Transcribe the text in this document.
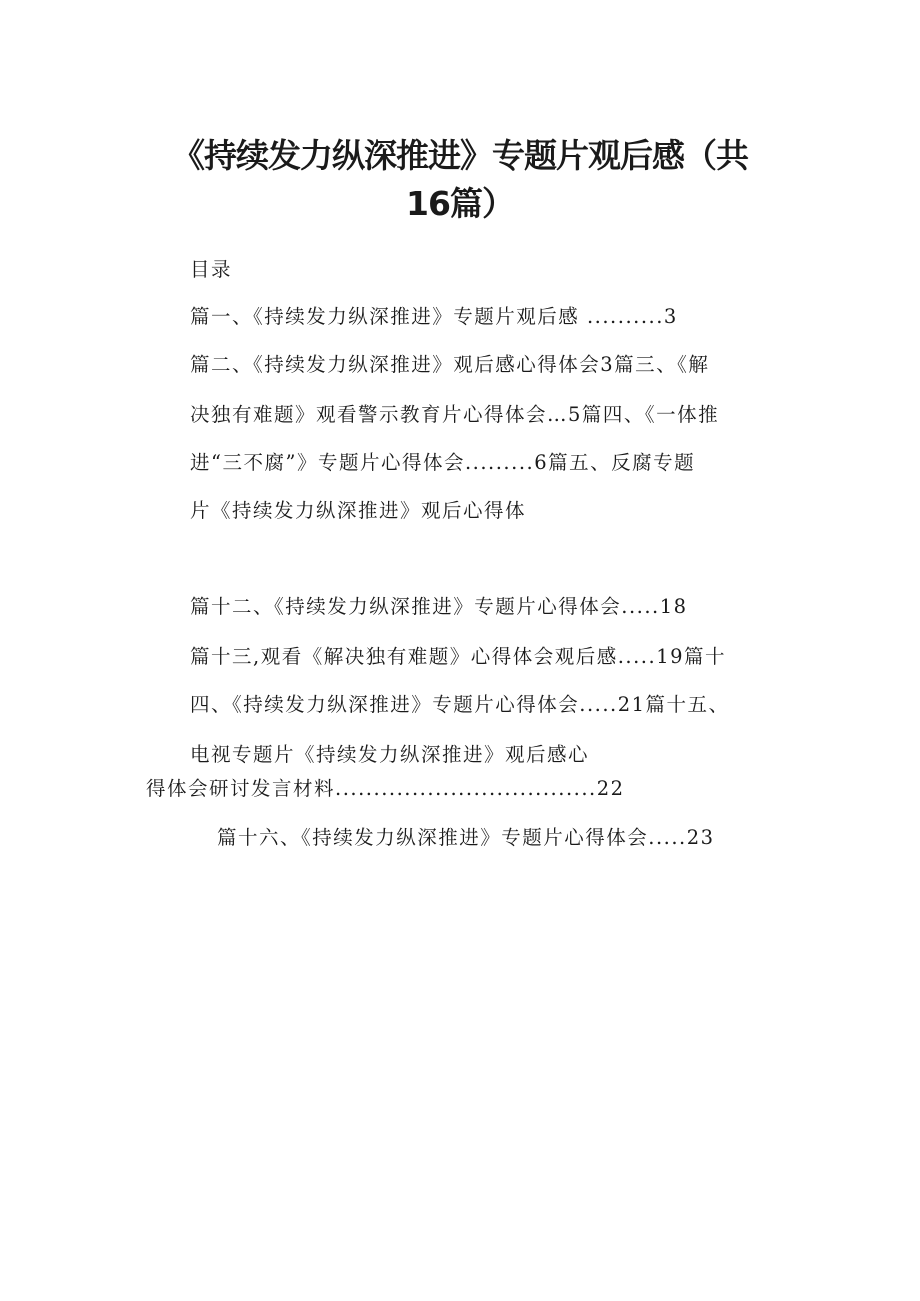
《持续发力纵深推进》专题片观后感（共
16篇）
目录
篇一、《持续发力纵深推进》专题片观后感 ..........3
篇二、《持续发力纵深推进》观后感心得体会3篇三、《解
决独有难题》观看警示教育片心得体会…5篇四、《一体推
进“三不腐”》专题片心得体会.........6篇五、反腐专题
片《持续发力纵深推进》观后心得体
篇十二、《持续发力纵深推进》专题片心得体会.....18
篇十三,观看《解决独有难题》心得体会观后感.....19篇十
四、《持续发力纵深推进》专题片心得体会.....21篇十五、
电视专题片《持续发力纵深推进》观后感心
得体会研讨发言材料..................................22
篇十六、《持续发力纵深推进》专题片心得体会.....23
